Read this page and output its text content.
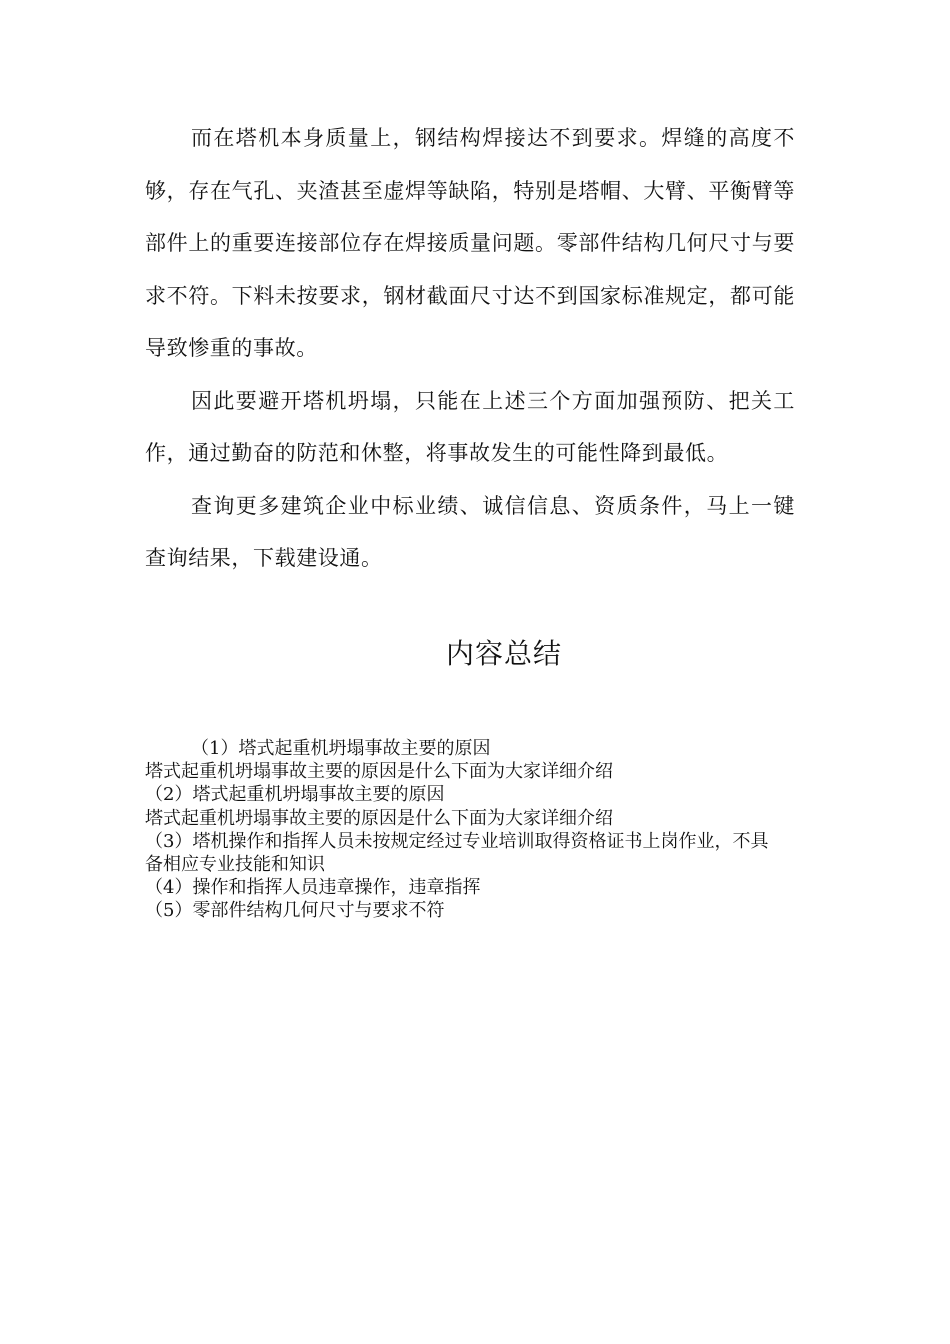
而在塔机本身质量上，钢结构焊接达不到要求。焊缝的高度不够，存在气孔、夹渣甚至虚焊等缺陷，特别是塔帽、大臂、平衡臂等部件上的重要连接部位存在焊接质量问题。零部件结构几何尺寸与要求不符。下料未按要求，钢材截面尺寸达不到国家标准规定，都可能导致惨重的事故。

因此要避开塔机坍塌，只能在上述三个方面加强预防、把关工作，通过勤奋的防范和休整，将事故发生的可能性降到最低。

查询更多建筑企业中标业绩、诚信信息、资质条件，马上一键查询结果，下载建设通。

内容总结
（1）塔式起重机坍塌事故主要的原因
塔式起重机坍塌事故主要的原因是什么下面为大家详细介绍
（2）塔式起重机坍塌事故主要的原因
塔式起重机坍塌事故主要的原因是什么下面为大家详细介绍
（3）塔机操作和指挥人员未按规定经过专业培训取得资格证书上岗作业，不具备相应专业技能和知识
（4）操作和指挥人员违章操作，违章指挥
（5）零部件结构几何尺寸与要求不符
